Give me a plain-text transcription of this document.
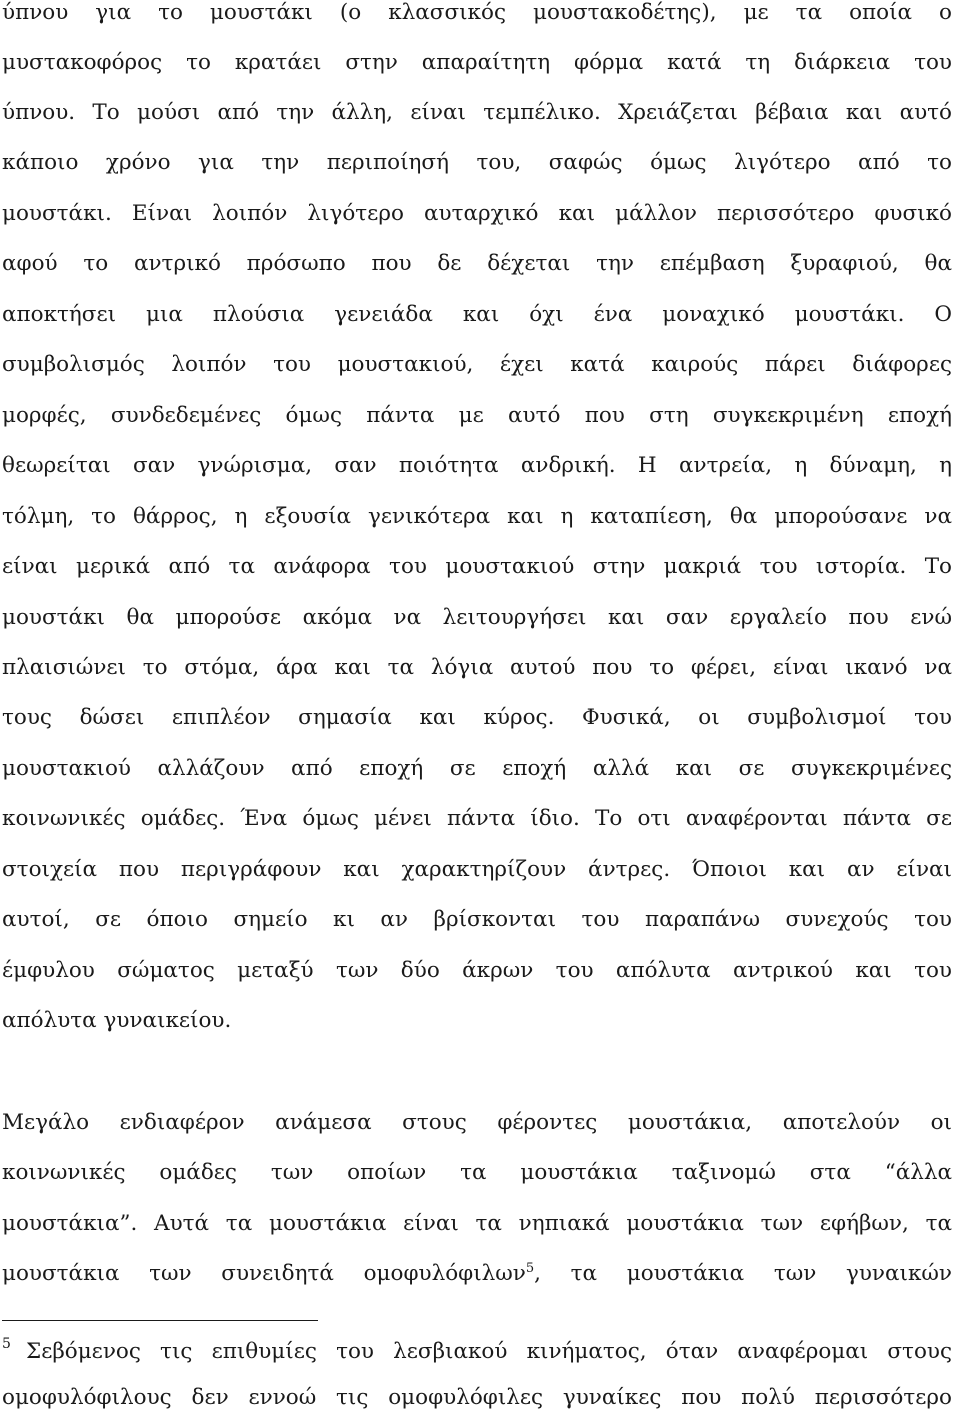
ύπνου για το μουστάκι (ο κλασσικός μουστακοδέτης), με τα οποία ο
μυστακοφόρος το κρατάει στην απαραίτητη φόρμα κατά τη διάρκεια του
ύπνου. Το μούσι από την άλλη, είναι τεμπέλικο. Χρειάζεται βέβαια και αυτό
κάποιο χρόνο για την περιποίησή του, σαφώς όμως λιγότερο από το
μουστάκι. Είναι λοιπόν λιγότερο αυταρχικό και μάλλον περισσότερο φυσικό
αφού το αντρικό πρόσωπο που δε δέχεται την επέμβαση ξυραφιού, θα
αποκτήσει μια πλούσια γενειάδα και όχι ένα μοναχικό μουστάκι. Ο
συμβολισμός λοιπόν του μουστακιού, έχει κατά καιρούς πάρει διάφορες
μορφές, συνδεδεμένες όμως πάντα με αυτό που στη συγκεκριμένη εποχή
θεωρείται σαν γνώρισμα, σαν ποιότητα ανδρική. Η αντρεία, η δύναμη, η
τόλμη, το θάρρος, η εξουσία γενικότερα και η καταπίεση, θα μπορούσανε να
είναι μερικά από τα ανάφορα του μουστακιού στην μακριά του ιστορία. Το
μουστάκι θα μπορούσε ακόμα να λειτουργήσει και σαν εργαλείο που ενώ
πλαισιώνει το στόμα, άρα και τα λόγια αυτού που το φέρει, είναι ικανό να
τους δώσει επιπλέον σημασία και κύρος. Φυσικά, οι συμβολισμοί του
μουστακιού αλλάζουν από εποχή σε εποχή αλλά και σε συγκεκριμένες
κοινωνικές ομάδες. Ένα όμως μένει πάντα ίδιο. Το οτι αναφέρονται πάντα σε
στοιχεία που περιγράφουν και χαρακτηρίζουν άντρες. Όποιοι και αν είναι
αυτοί, σε όποιο σημείο κι αν βρίσκονται του παραπάνω συνεχούς του
έμφυλου σώματος μεταξύ των δύο άκρων του απόλυτα αντρικού και του
απόλυτα γυναικείου.
Μεγάλο ενδιαφέρον ανάμεσα στους φέροντες μουστάκια, αποτελούν οι
κοινωνικές ομάδες των οποίων τα μουστάκια ταξινομώ στα “άλλα
μουστάκια”. Αυτά τα μουστάκια είναι τα νηπιακά μουστάκια των εφήβων, τα
μουστάκια των συνειδητά ομοφυλόφιλων$^5$, τα μουστάκια των γυναικών
5 Σεβόμενος τις επιθυμίες του λεσβιακού κινήματος, όταν αναφέρομαι στους
ομοφυλόφιλους δεν εννοώ τις ομοφυλόφιλες γυναίκες που πολύ περισσότερο
